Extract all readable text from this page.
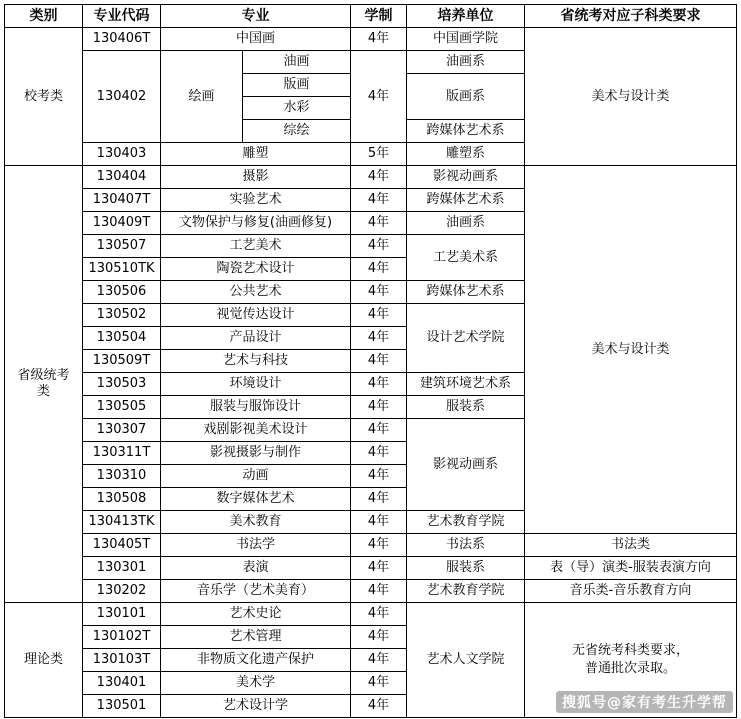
类别	专业代码	专业		学制	培养单位	省统考对应子科类要求
校考类	130406T	中国画		4年	中国画学院	美术与设计类
	130402	绘画	油画	4年	油画系	
			版画		版画系	
			水彩			
			综绘		跨媒体艺术系	
	130403	雕塑		5年	雕塑系	
省级统考类	130404	摄影		4年	影视动画系	美术与设计类
	130407T	实验艺术		4年	跨媒体艺术系	
	130409T	文物保护与修复(油画修复)		4年	油画系	
	130507	工艺美术		4年	工艺美术系	
	130510TK	陶瓷艺术设计		4年		
	130506	公共艺术		4年	跨媒体艺术系	
	130502	视觉传达设计		4年	设计艺术学院	
	130504	产品设计		4年		
	130509T	艺术与科技		4年		
	130503	环境设计		4年	建筑环境艺术系	
	130505	服装与服饰设计		4年	服装系	
	130307	戏剧影视美术设计		4年	影视动画系	
	130311T	影视摄影与制作		4年		
	130310	动画		4年		
	130508	数字媒体艺术		4年		
	130413TK	美术教育		4年	艺术教育学院	
	130405T	书法学		4年	书法系	书法类
	130301	表演		4年	服装系	表（导）演类-服装表演方向
	130202	音乐学（艺术美育）		4年	艺术教育学院	音乐类-音乐教育方向
理论类	130101	艺术史论		4年	艺术人文学院	无省统考科类要求，
普通批次录取。

	130102T	艺术管理		4年		
	130103T	非物质文化遗产保护		4年		
	130401	美术学		4年		
	130501	艺术设计学		4年			搜狐号@家有考生升学帮
